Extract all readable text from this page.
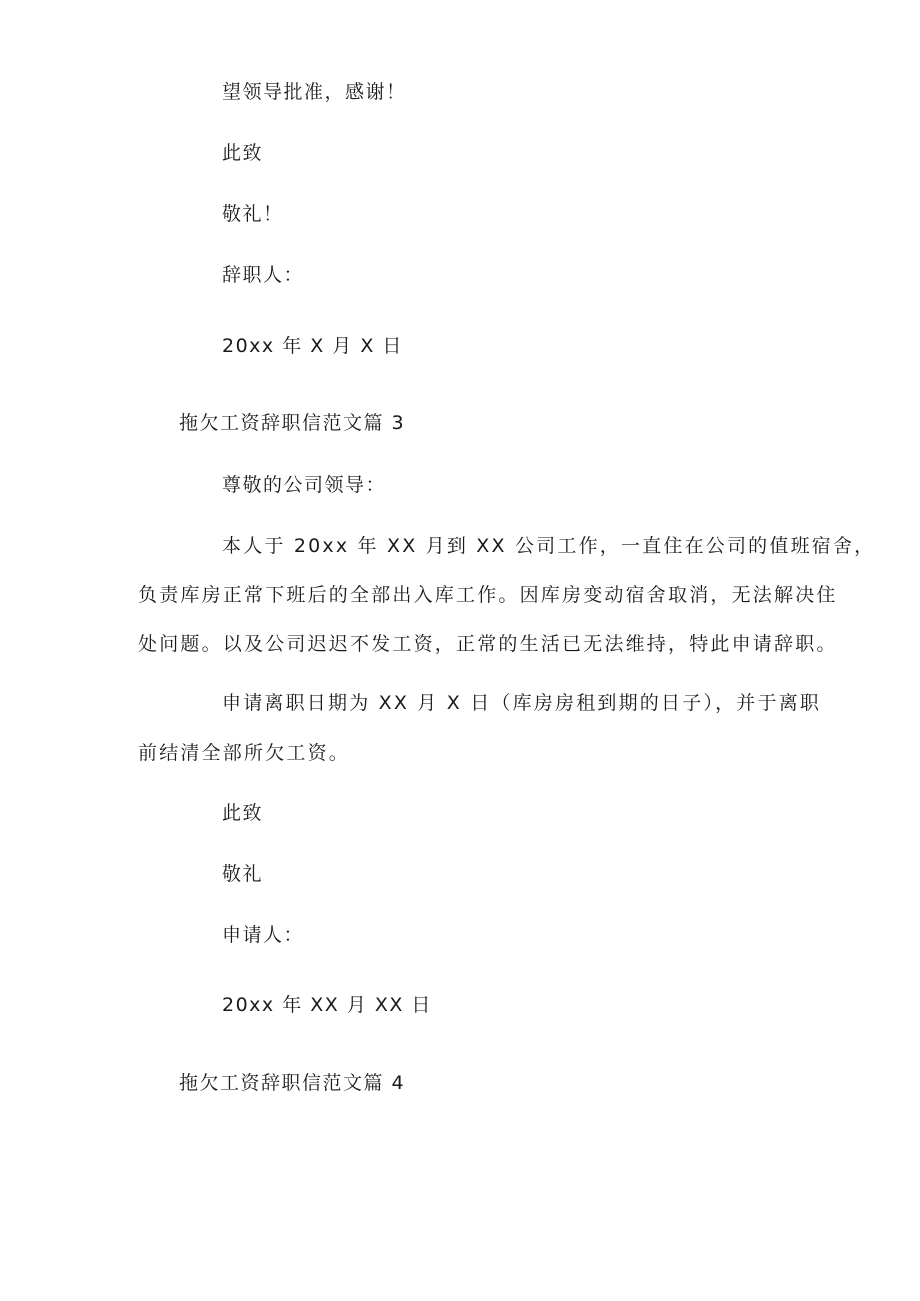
望领导批准，感谢！

此致

敬礼！

辞职人：

20xx 年 X 月 X 日

拖欠工资辞职信范文篇 3

尊敬的公司领导：

本人于 20xx 年 XX 月到 XX 公司工作，一直住在公司的值班宿舍，

负责库房正常下班后的全部出入库工作。因库房变动宿舍取消，无法解决住

处问题。以及公司迟迟不发工资，正常的生活已无法维持，特此申请辞职。

申请离职日期为 XX 月 X 日（库房房租到期的日子），并于离职

前结清全部所欠工资。

此致

敬礼

申请人：

20xx 年 XX 月 XX 日

拖欠工资辞职信范文篇 4
